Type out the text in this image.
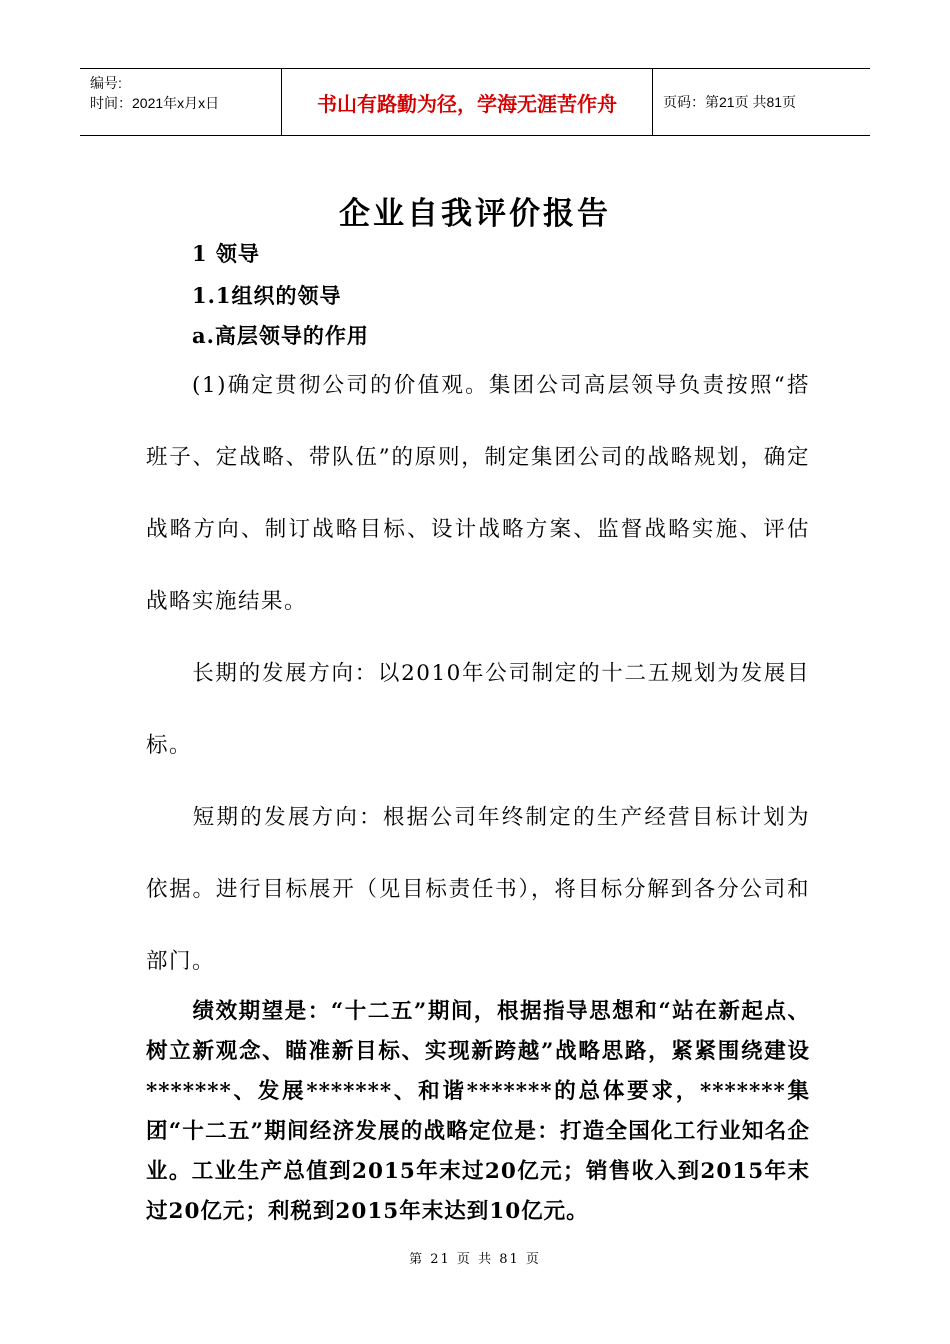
编号:
时间：2021年x月x日	书山有路勤为径，学海无涯苦作舟	页码：第21页 共81页
企业自我评价报告
1 领导
1.1组织的领导
a.高层领导的作用

(1)确定贯彻公司的价值观。集团公司高层领导负责按照“搭班子、定战略、带队伍”的原则，制定集团公司的战略规划，确定战略方向、制订战略目标、设计战略方案、监督战略实施、评估战略实施结果。

长期的发展方向：以2010年公司制定的十二五规划为发展目标。

短期的发展方向：根据公司年终制定的生产经营目标计划为依据。进行目标展开（见目标责任书），将目标分解到各分公司和部门。

绩效期望是：“十二五”期间，根据指导思想和“站在新起点、树立新观念、瞄准新目标、实现新跨越”战略思路，紧紧围绕建设*******、发展*******、和谐*******的总体要求，*******集团“十二五”期间经济发展的战略定位是：打造全国化工行业知名企业。工业生产总值到2015年末过20亿元；销售收入到2015年末过20亿元；利税到2015年末达到10亿元。

第 21 页 共 81 页
